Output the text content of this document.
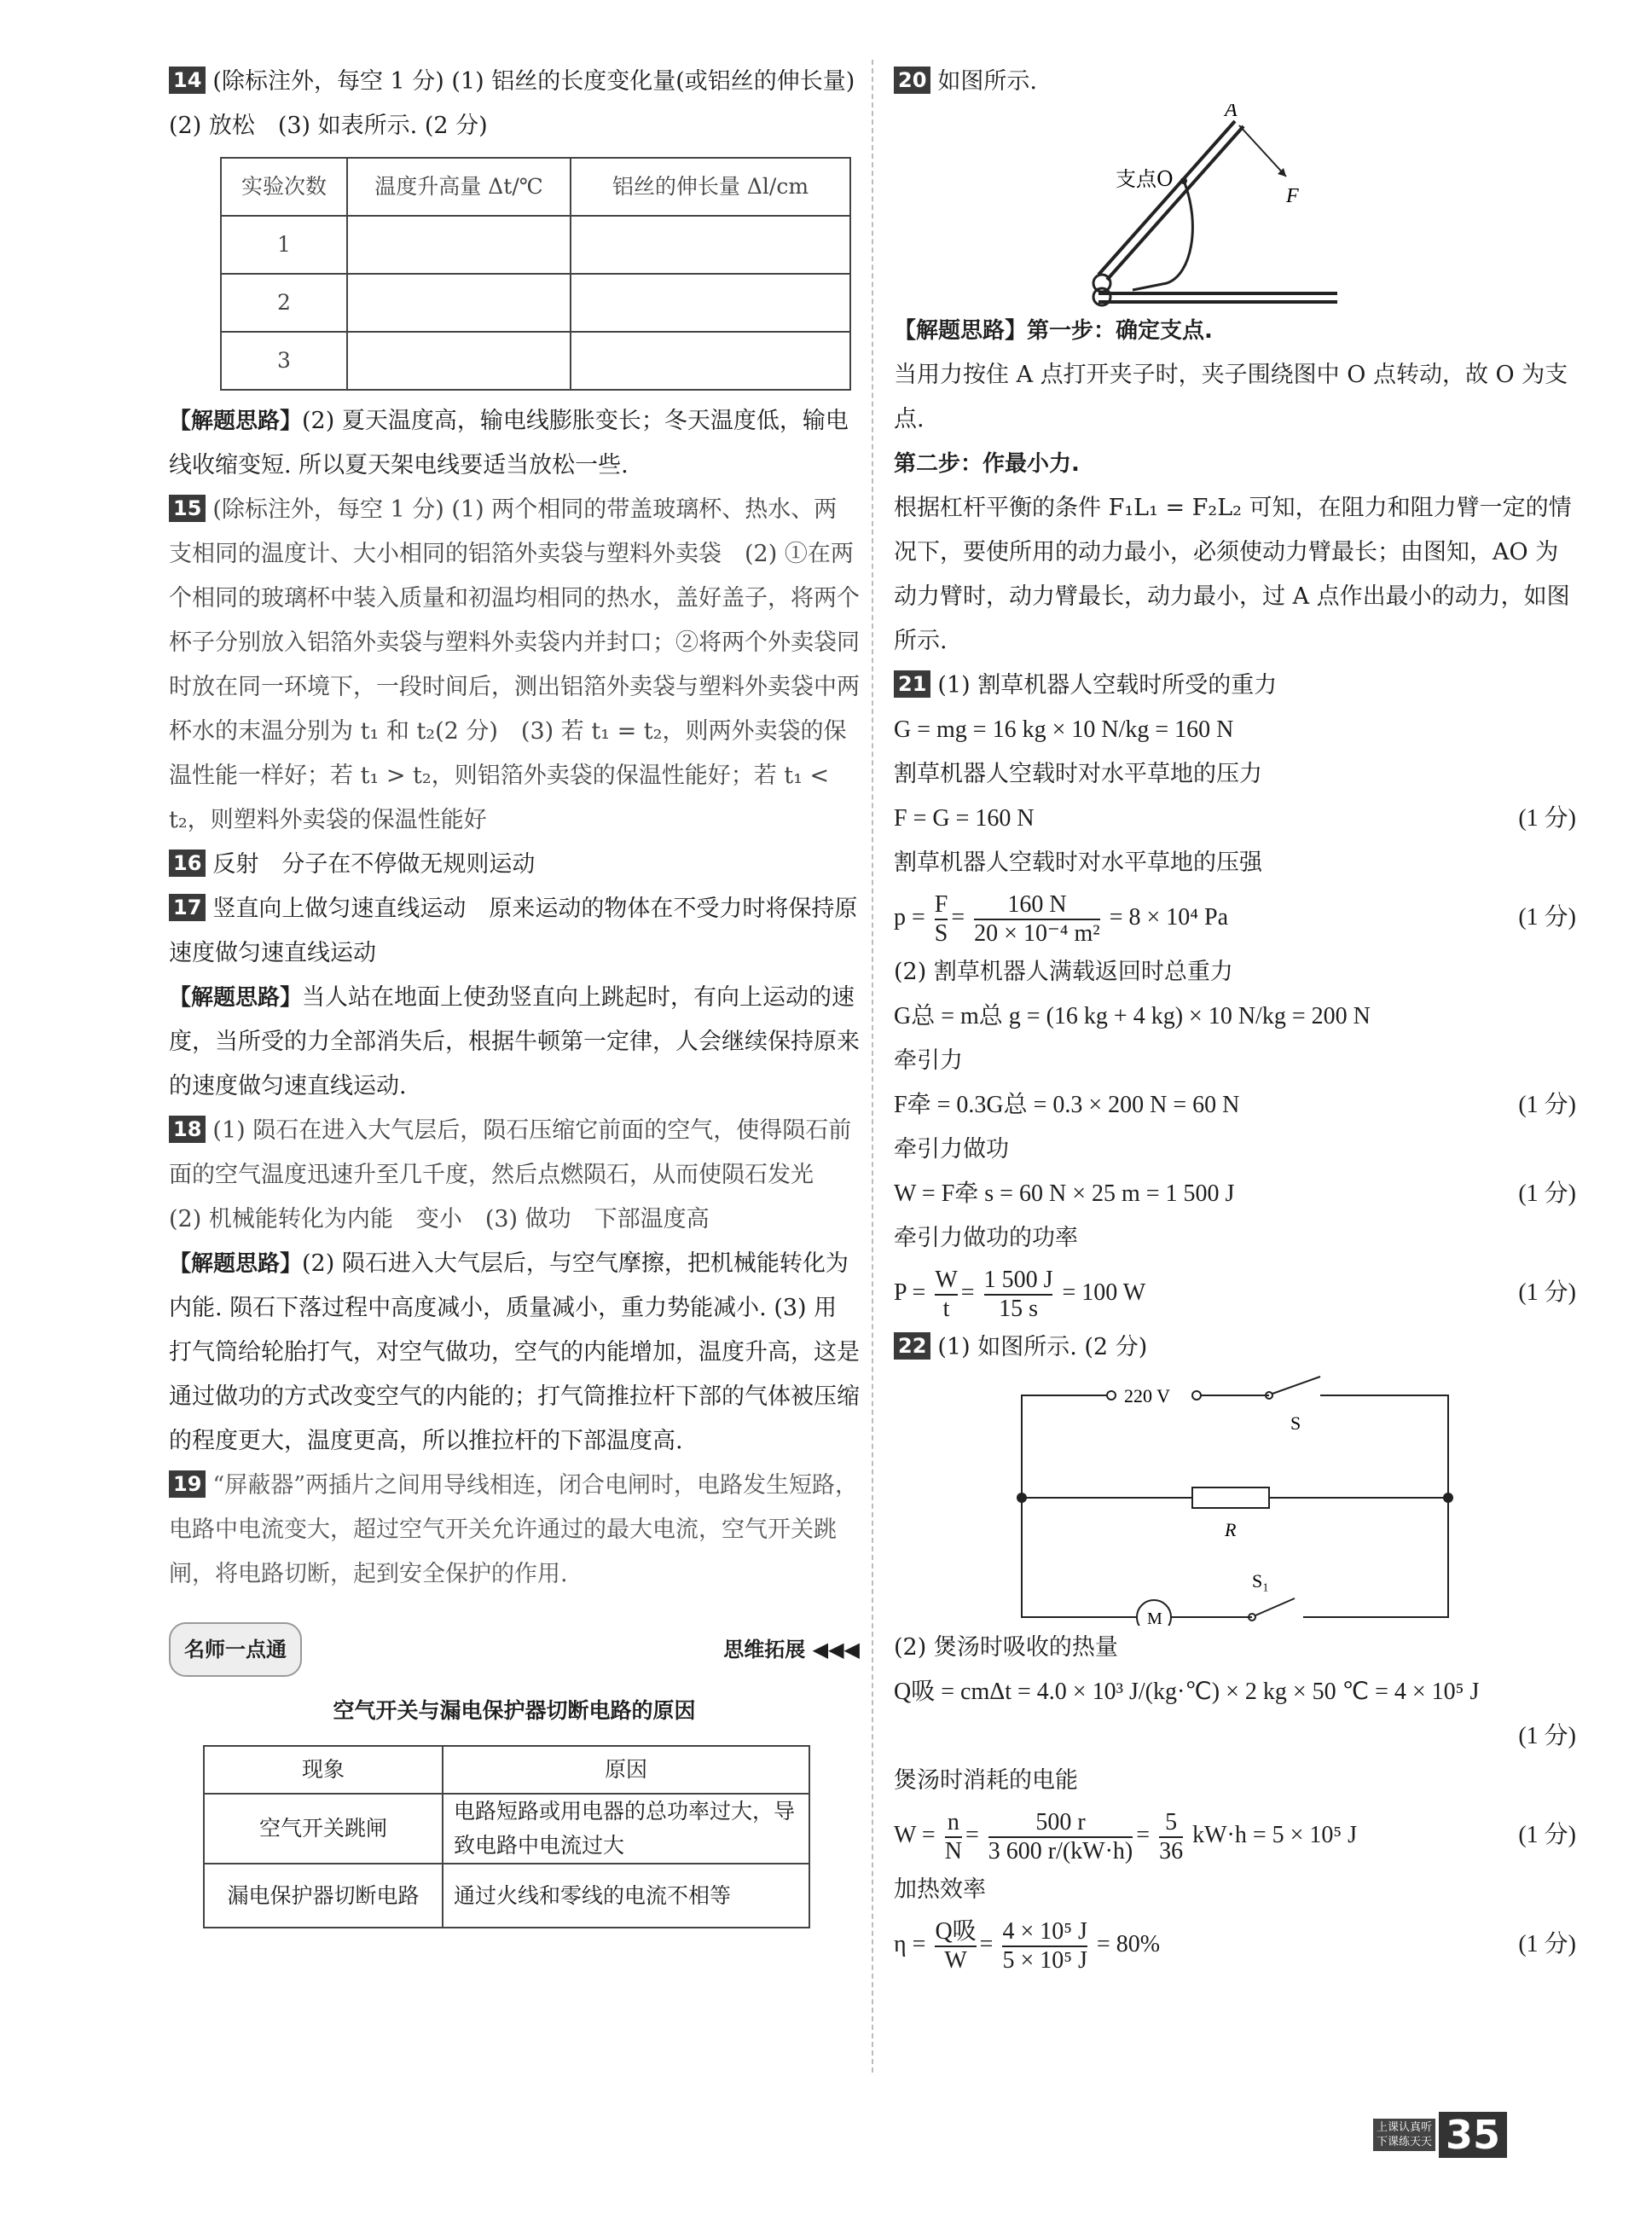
14 (除标注外，每空 1 分) (1) 铝丝的长度变化量(或铝丝的伸长量)　(2) 放松　(3) 如表所示. (2 分)
实验次数	温度升高量 Δt/℃	铝丝的伸长量 Δl/cm
1		
2		
3		
【解题思路】(2) 夏天温度高，输电线膨胀变长；冬天温度低，输电线收缩变短. 所以夏天架电线要适当放松一些.
15 (除标注外，每空 1 分) (1) 两个相同的带盖玻璃杯、热水、两支相同的温度计、大小相同的铝箔外卖袋与塑料外卖袋　(2) ①在两个相同的玻璃杯中装入质量和初温均相同的热水，盖好盖子，将两个杯子分别放入铝箔外卖袋与塑料外卖袋内并封口；②将两个外卖袋同时放在同一环境下，一段时间后，测出铝箔外卖袋与塑料外卖袋中两杯水的末温分别为 t₁ 和 t₂(2 分)　(3) 若 t₁ = t₂，则两外卖袋的保温性能一样好；若 t₁ > t₂，则铝箔外卖袋的保温性能好；若 t₁ < t₂，则塑料外卖袋的保温性能好
16 反射　分子在不停做无规则运动
17 竖直向上做匀速直线运动　原来运动的物体在不受力时将保持原速度做匀速直线运动
【解题思路】当人站在地面上使劲竖直向上跳起时，有向上运动的速度，当所受的力全部消失后，根据牛顿第一定律，人会继续保持原来的速度做匀速直线运动.
18 (1) 陨石在进入大气层后，陨石压缩它前面的空气，使得陨石前面的空气温度迅速升至几千度，然后点燃陨石，从而使陨石发光　(2) 机械能转化为内能　变小　(3) 做功　下部温度高
【解题思路】(2) 陨石进入大气层后，与空气摩擦，把机械能转化为内能. 陨石下落过程中高度减小，质量减小，重力势能减小. (3) 用打气筒给轮胎打气，对空气做功，空气的内能增加，温度升高，这是通过做功的方式改变空气的内能的；打气筒推拉杆下部的气体被压缩的程度更大，温度更高，所以推拉杆的下部温度高.
19 “屏蔽器”两插片之间用导线相连，闭合电闸时，电路发生短路，电路中电流变大，超过空气开关允许通过的最大电流，空气开关跳闸，将电路切断，起到安全保护的作用.
名师一点通	思维拓展 ◀◀◀
空气开关与漏电保护器切断电路的原因
现象	原因
空气开关跳闸	电路短路或用电器的总功率过大，导致电路中电流过大
漏电保护器切断电路	通过火线和零线的电流不相等
20 如图所示.
A
F
支点O
【解题思路】第一步：确定支点.
当用力按住 A 点打开夹子时，夹子围绕图中 O 点转动，故 O 为支点.
第二步：作最小力.
根据杠杆平衡的条件 F₁L₁ = F₂L₂ 可知，在阻力和阻力臂一定的情况下，要使所用的动力最小，必须使动力臂最长；由图知，AO 为动力臂时，动力臂最长，动力最小，过 A 点作出最小的动力，如图所示.
21 (1) 割草机器人空载时所受的重力
G = mg = 16 kg × 10 N/kg = 160 N
割草机器人空载时对水平草地的压力
F = G = 160 N	(1 分)
割草机器人空载时对水平草地的压强
$p = \frac{F}{S} = \frac{160 N}{\text{20 × 10⁻⁴ m²}} = 8 \times 10^4$ Pa	(1 分)
(2) 割草机器人满载返回时总重力
G总 = m总 g = (16 kg + 4 kg) × 10 N/kg = 200 N
牵引力
F牵 = 0.3G总 = 0.3 × 200 N = 60 N	(1 分)
牵引力做功
W = F牵 s = 60 N × 25 m = 1 500 J	(1 分)
牵引力做功的功率
$P = \frac{W}{t} = \frac{1 500 J}{15 s} = 100$ W	(1 分)
22 (1) 如图所示. (2 分)
220 V
S
R
M
S₁
(2) 煲汤时吸收的热量
Q吸 = cmΔt = 4.0 × 10³ J/(kg·℃) × 2 kg × 50 ℃ = 4 × 10⁵ J
(1 分)
煲汤时消耗的电能
$W = \frac{n}{N} = \frac{500 r}{3 600 r/(kW\cdot h)} = \frac{5}{36} kW\cdot h = 5 \times 10^5$ J	(1 分)
加热效率
$\eta = \frac{\text{Q吸}}{W} = \frac{\text{4 × 10⁵ J}}{\text{5 × 10⁵ J}} = 80\%$	(1 分)
上课认真听
下课练天天 35
